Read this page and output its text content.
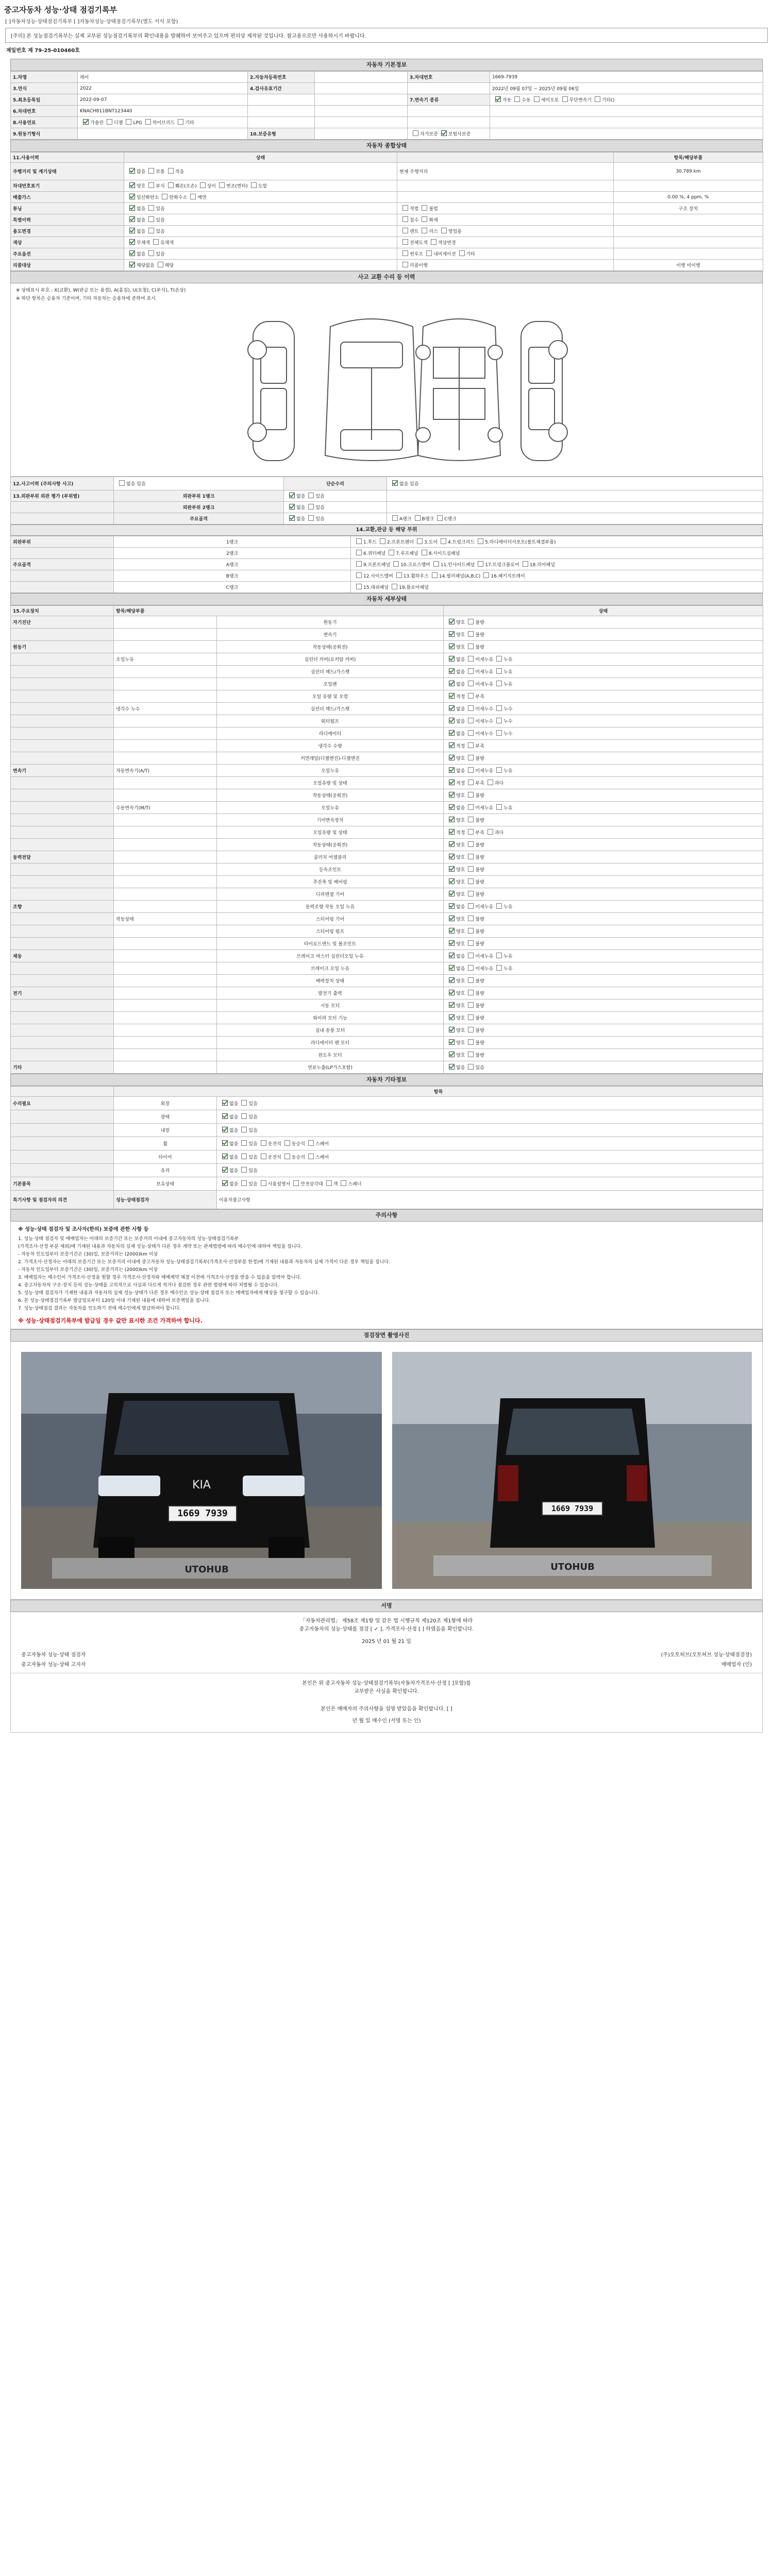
중고자동차 성능·상태 점검기록부
[ ]자동차성능·상태점검기록부 [ ]자동차성능·상태점검기록부(별도 서식 포함)
[주의] 본 성능점검기록부는 실제 교부된 성능점검기록부의 확인내용을 발췌하여 보여주고 있으며 편의상 제작된 것입니다. 참고용으로만 사용하시기 바랍니다.
제일번호 제 79-25-010460호
자동차 기본정보
1.차명	레이	2.자동차등록번호		3.차대번호	1669-7939
3.연식	2022	4.검사유효기간			2022년 09월 07일 ~ 2025년 09월 06일
5.최초등록일	2022-09-07			7.변속기 종류	자동 수동 세미오토 무단변속기 기타()
6.차대번호	KNACH811BNT123440				
8.사용연료	가솔린 디젤 LPG 하이브리드 기타				
9.원동기형식		10.보증유형		자가보증 보험사보증	
자동차 종합상태
11.사용이력	상태		항목/해당부품
주행거리 및 계기상태	많음 보통 적음	현재 주행거리	30,789 km
차대번호표기	양호 부식 훼손(오손) 상이 변조(변타) 도말		
배출가스	일산화탄소 탄화수소 매연		0.00 %, 4 ppm, %
튜닝	없음 있음	적법 불법	구조 장치
특별이력	없음 있음	침수 화재	
용도변경	없음 있음	렌트 리스 영업용	
색상	무채색 유채색	전체도색 색상변경	
주요옵션	없음 있음	썬루프 내비게이션 기타	
리콜대상	해당없음 해당	리콜이행	이행 미이행
사고 교환 수리 등 이력
※ 상태표시 부호 : X(교환), W(판금 또는 용접), A(흠집), U(요철), C(부식), T(손상)
※ 하단 항목은 승용차 기준이며, 기타 자동차는 승용차에 준하여 표시
12.사고이력 (주의사항 사고)	없음 있음	단순수리	없음 있음
13.외판부위 외관 평가 (부위별)	외판부위 1랭크	없음 있음	
	외판부위 2랭크	없음 있음	
	주요골격	없음 있음	A랭크 B랭크 C랭크
14.교환,판금 등 해당 부위
외판부위	1랭크	1.후드 2.프론트펜더 3.도어 4.트렁크리드 5.라디에이터서포트(볼트체결부품)
	2랭크	6.쿼터패널 7.루프패널 8.사이드실패널
주요골격	A랭크	9.프론트패널 10.크로스멤버 11.인사이드패널 17.트렁크플로어 18.리어패널
	B랭크	12.사이드멤버 13.휠하우스 14.필러패널(A,B,C) 16.패키지트레이
	C랭크	15.대쉬패널 19.플로어패널
자동차 세부상태
15.주요장치	항목/해당부품		상태
자기진단		원동기	양호 불량
		변속기	양호 불량
원동기		작동상태(공회전)	양호 불량
	오일누유	실린더 커버(로커암 커버)	없음 미세누유 누유
		실린더 헤드/가스켓	없음 미세누유 누유
		오일팬	없음 미세누유 누유
		오일 유량 및 오염	적정 부족
	냉각수 누수	실린더 헤드/가스켓	없음 미세누수 누수
		워터펌프	없음 미세누수 누수
		라디에이터	없음 미세누수 누수
		냉각수 수량	적정 부족
		커먼레일(디젤엔진)-디젤엔진	양호 불량
변속기	자동변속기(A/T)	오일누유	없음 미세누유 누유
		오일유량 및 상태	적정 부족 과다
		작동상태(공회전)	양호 불량
	수동변속기(M/T)	오일누유	없음 미세누유 누유
		기어변속장치	양호 불량
		오일유량 및 상태	적정 부족 과다
		작동상태(공회전)	양호 불량
동력전달		클러치 어셈블리	양호 불량
		등속조인트	양호 불량
		추진축 및 베어링	양호 불량
		디퍼렌셜 기어	양호 불량
조향		동력조향 작동 오일 누유	없음 미세누유 누유
	작동상태	스티어링 기어	양호 불량
		스티어링 펌프	양호 불량
		타이로드엔드 및 볼조인트	양호 불량
제동		브레이크 마스터 실린더오일 누유	없음 미세누유 누유
		브레이크 오일 누유	없음 미세누유 누유
		배력장치 상태	양호 불량
전기		발전기 출력	양호 불량
		시동 모터	양호 불량
		와이퍼 모터 기능	양호 불량
		실내 송풍 모터	양호 불량
		라디에이터 팬 모터	양호 불량
		윈도우 모터	양호 불량
기타		연료누출(LP가스포함)	없음 있음
자동차 기타정보
	항목	
수리필요	외장	없음 있음
	광택	없음 있음
	내장	없음 있음
	휠	없음 있음 운전석 동승석 스페어
	타이어	없음 있음 운전석 동승석 스페어
	유리	없음 있음
기본품목	보유상태	없음 있음 사용설명서 안전삼각대 잭 스패너
특기사항 및 점검자의 의견	성능·상태점검자	이용자참고사항
주의사항
※ 성능·상태 점검자 및 조사자(한의) 보증에 관한 사항 등
1. 성능·상태 점검자 및 매매업자는 아래의 보증기간 또는 보증거리 이내에 중고자동차의 성능·상태점검기록부
(가격조사·산정 부분 제외)에 기재된 내용과 자동차의 실제 성능·상태가 다른 경우 계약 또는 관계법령에 따라 매수인에 대하여 책임을 집니다.
- 자동차 인도일부터 보증기간은 (30)일, 보증거리는 (2000)km 이상
2. 가격조사·산정자는 아래의 보증기간 또는 보증거리 이내에 중고자동차 성능·상태점검기록부(가격조사·산정부분 한정)에 기재된 내용과 자동차의 실제 가격이 다른 경우 책임을 집니다.
- 자동차 인도일부터 보증기간은 (30)일, 보증거리는 (2000)km 이상
3. 매매업자는 매수인이 가격조사·산정을 원할 경우 가격조사·산정자와 매매계약 체결 이전에 가격조사·산정을 받을 수 있음을 알려야 합니다.
4. 중고자동차의 구조·장치 등의 성능·상태를 고의적으로 사실과 다르게 적거나 점검한 경우 관련 법령에 따라 처벌될 수 있습니다.
5. 성능·상태 점검자가 기재한 내용과 자동차의 실제 성능·상태가 다른 경우 매수인은 성능·상태 점검자 또는 매매업자에게 배상을 청구할 수 있습니다.
6. 본 성능·상태점검기록부 발급일로부터 120일 이내 기재된 내용에 대하여 보증책임을 집니다.
7. 성능·상태점검 결과는 자동차를 인도하기 전에 매수인에게 발급하여야 합니다.
※ 성능·상태점검기록부에 발급일 경우 값만 표시한 조건 가격하여 합니다.
점검장면 촬영사진
KIA
UTOHUB
1669 7939
UTOHUB
1669 7939
서명
「자동차관리법」 제58조 제1항 및 같은 법 시행규칙 제120조 제1항에 따라
중고자동차의 성능·상태를 점검 [ ✓ ], 가격조사·산정 [ ] 하였음을 확인합니다.
2025 년 01 월 21 일
중고자동차 성능·상태 점검자	(주)오토허브(오토허브 성능·상태점검장)
중고자동차 성능·상태 고지자	매매업자 (인)
본인은 위 중고자동차 성능·상태점검기록부(자동차가격조사·산정 [ ]포함)를
교부받은 사실을 확인합니다.
본인은 매매자의 주의사항을 설명 받았음을 확인합니다. [ ]
년 월 일 매수인 (서명 또는 인)
